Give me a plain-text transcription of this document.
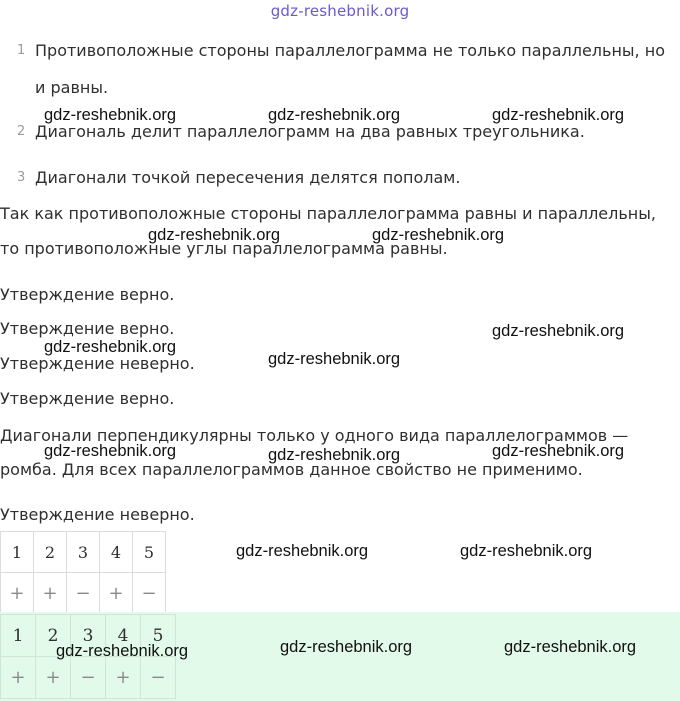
gdz-reshebnik.org
1 Противоположные стороны параллелограмма не только параллельны, но
и равны.
2 Диагональ делит параллелограмм на два равных треугольника.
3 Диагонали точкой пересечения делятся пополам.
Так как противоположные стороны параллелограмма равны и параллельны,
то противоположные углы параллелограмма равны.
Утверждение верно.
Утверждение верно.
Утверждение неверно.
Утверждение верно.
Диагонали перпендикулярны только у одного вида параллелограммов —
ромба. Для всех параллелограммов данное свойство не применимо.
Утверждение неверно.
1	2	3	4	5
+	+	−	+	−
1	2	3	4	5
+	+	−	+	−
gdz-reshebnik.org	gdz-reshebnik.org	gdz-reshebnik.org
gdz-reshebnik.org	gdz-reshebnik.org
gdz-reshebnik.org
gdz-reshebnik.org
gdz-reshebnik.org
gdz-reshebnik.org	gdz-reshebnik.org	gdz-reshebnik.org
gdz-reshebnik.org	gdz-reshebnik.org
gdz-reshebnik.org	gdz-reshebnik.org	gdz-reshebnik.org
